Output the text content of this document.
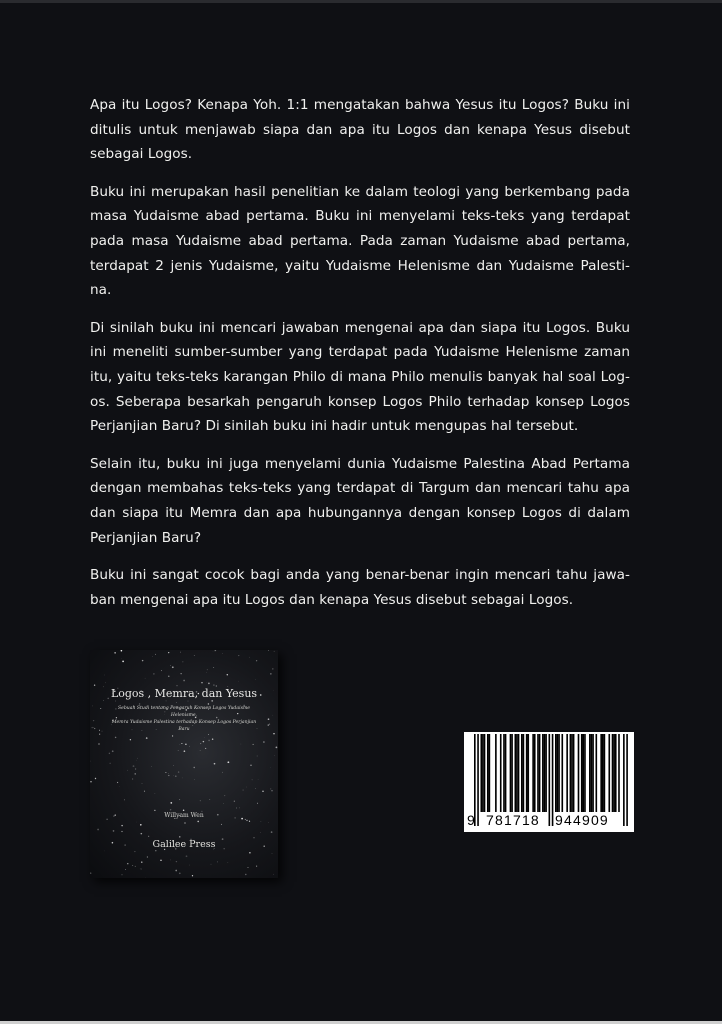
Apa itu Logos? Kenapa Yoh. 1:1 mengatakan bahwa Yesus itu Logos? Buku ini ditulis untuk menjawab siapa dan apa itu Logos dan kenapa Yesus disebut sebagai Logos.

Buku ini merupakan hasil penelitian ke dalam teologi yang berkembang pada masa Yudaisme abad pertama. Buku ini menyelami teks-teks yang terdapat pada masa Yudaisme abad pertama. Pada zaman Yudaisme abad pertama, terdapat 2 jenis Yudaisme, yaitu Yudaisme Helenisme dan Yudaisme Palesti-na.

Di sinilah buku ini mencari jawaban mengenai apa dan siapa itu Logos. Buku ini meneliti sumber-sumber yang terdapat pada Yudaisme Helenisme zaman itu, yaitu teks-teks karangan Philo di mana Philo menulis banyak hal soal Log-os. Seberapa besarkah pengaruh konsep Logos Philo terhadap konsep Logos Perjanjian Baru? Di sinilah buku ini hadir untuk mengupas hal tersebut.

Selain itu, buku ini juga menyelami dunia Yudaisme Palestina Abad Pertama dengan membahas teks-teks yang terdapat di Targum dan mencari tahu apa dan siapa itu Memra dan apa hubungannya dengan konsep Logos di dalam Perjanjian Baru?

Buku ini sangat cocok bagi anda yang benar-benar ingin mencari tahu jawa-ban mengenai apa itu Logos dan kenapa Yesus disebut sebagai Logos.

Logos , Memra, dan Yesus
Sebuah Studi tentang Pengaruh Konsep Logos Yudaisme Helenisme,
Memra Yudaisme Palestina terhadap Konsep Logos Perjanjian Baru
Willyam Wen
Galilee Press
9 781718 944909
